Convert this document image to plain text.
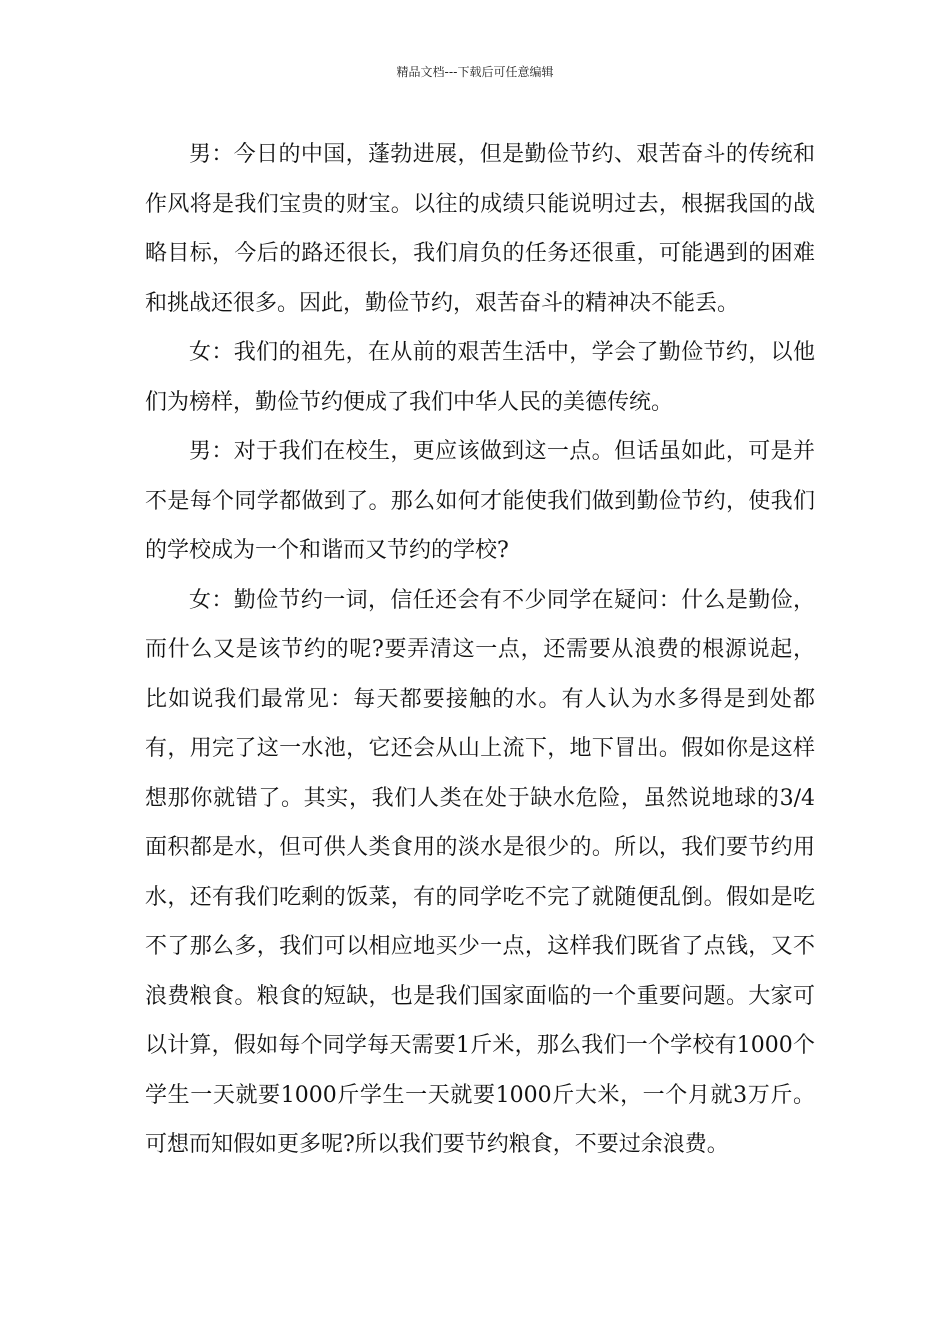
精品文档---下载后可任意编辑

男：今日的中国，蓬勃进展，但是勤俭节约、艰苦奋斗的传统和作风将是我们宝贵的财宝。以往的成绩只能说明过去，根据我国的战略目标，今后的路还很长，我们肩负的任务还很重，可能遇到的困难和挑战还很多。因此，勤俭节约，艰苦奋斗的精神决不能丢。

女：我们的祖先，在从前的艰苦生活中，学会了勤俭节约，以他们为榜样，勤俭节约便成了我们中华人民的美德传统。

男：对于我们在校生，更应该做到这一点。但话虽如此，可是并不是每个同学都做到了。那么如何才能使我们做到勤俭节约，使我们的学校成为一个和谐而又节约的学校?

女：勤俭节约一词，信任还会有不少同学在疑问：什么是勤俭，而什么又是该节约的呢?要弄清这一点，还需要从浪费的根源说起，比如说我们最常见：每天都要接触的水。有人认为水多得是到处都有，用完了这一水池，它还会从山上流下，地下冒出。假如你是这样想那你就错了。其实，我们人类在处于缺水危险，虽然说地球的3/4面积都是水，但可供人类食用的淡水是很少的。所以，我们要节约用水，还有我们吃剩的饭菜，有的同学吃不完了就随便乱倒。假如是吃不了那么多，我们可以相应地买少一点，这样我们既省了点钱，又不浪费粮食。粮食的短缺，也是我们国家面临的一个重要问题。大家可以计算，假如每个同学每天需要1斤米，那么我们一个学校有1000个学生一天就要1000斤学生一天就要1000斤大米，一个月就3万斤。可想而知假如更多呢?所以我们要节约粮食，不要过余浪费。
